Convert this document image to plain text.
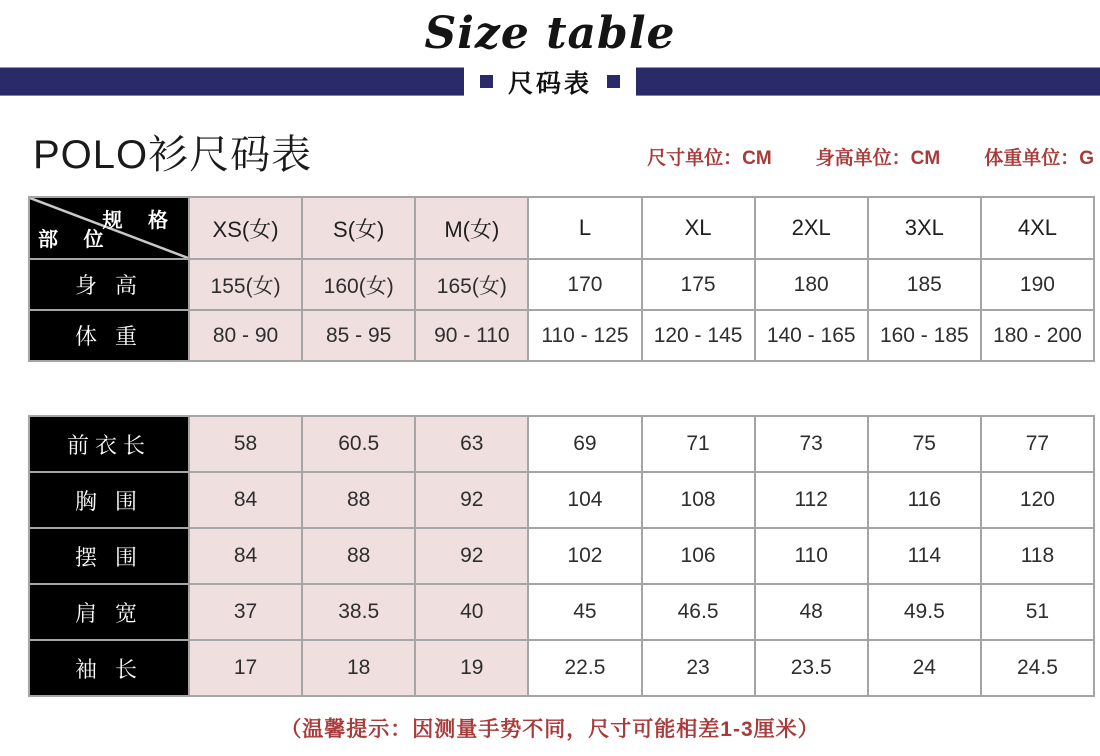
Size table
尺码表
POLO衫尺码表	尺寸单位：CM 身高单位：CM 体重单位：G
规 格
部 位	XS(女)	S(女)	M(女)	L	XL	2XL	3XL	4XL
身 高	155(女)	160(女)	165(女)	170	175	180	185	190
体 重	80 - 90	85 - 95	90 - 110	110 - 125	120 - 145	140 - 165	160 - 185	180 - 200
前衣长	58	60.5	63	69	71	73	75	77
胸 围	84	88	92	104	108	112	116	120
摆 围	84	88	92	102	106	110	114	118
肩 宽	37	38.5	40	45	46.5	48	49.5	51
袖 长	17	18	19	22.5	23	23.5	24	24.5
（温馨提示：因测量手势不同，尺寸可能相差1-3厘米）
